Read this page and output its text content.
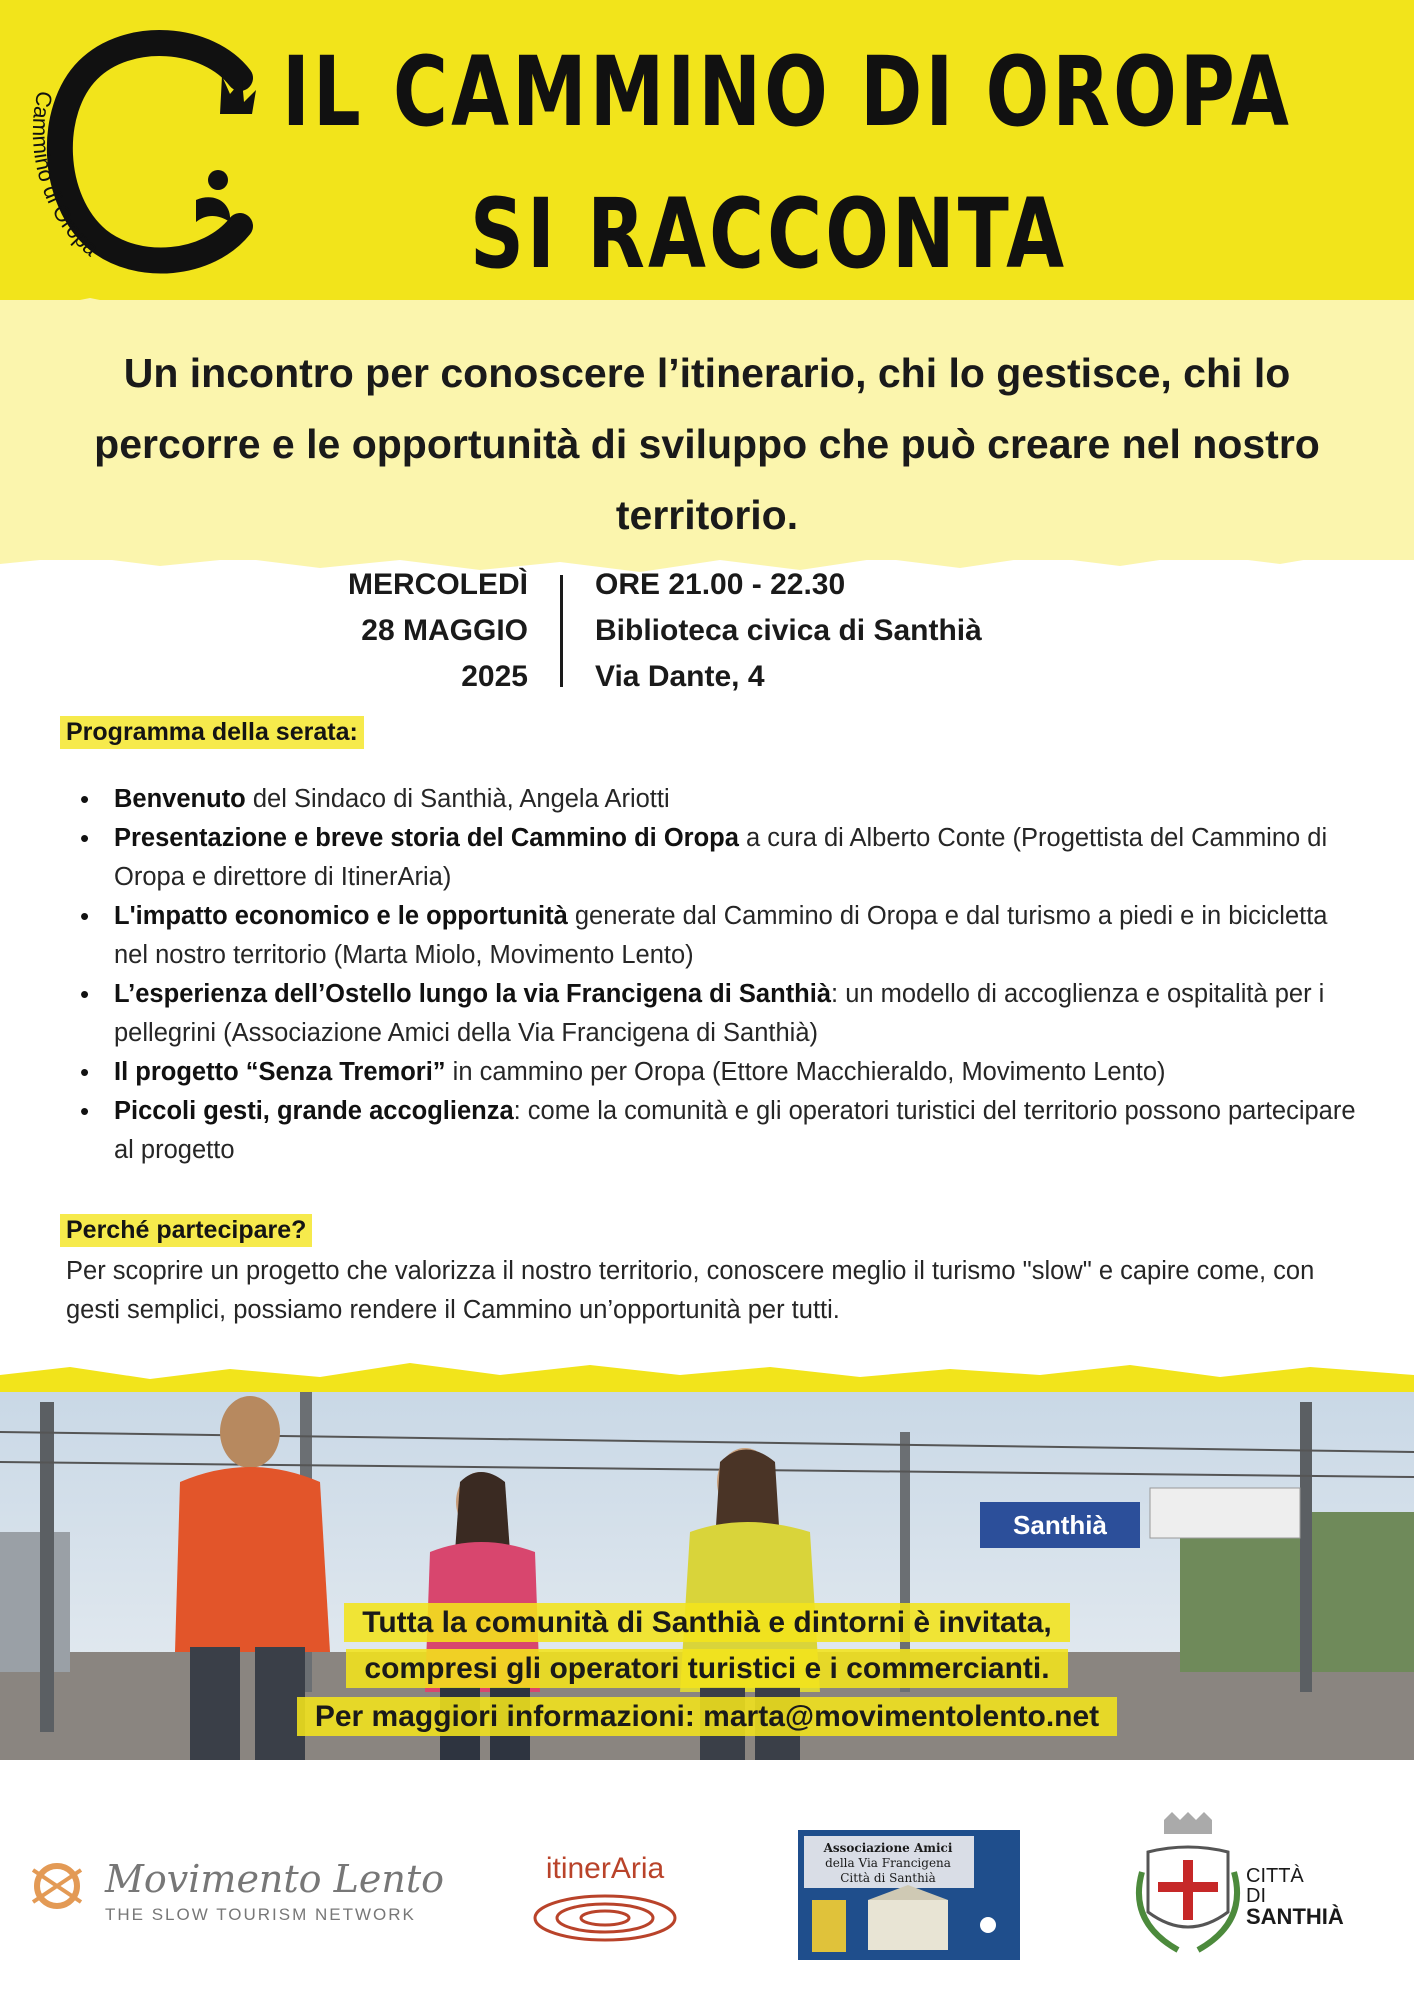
Cammino di Oropa
IL CAMMINO DI OROPA
SI RACCONTA
Un incontro per conoscere l’itinerario, chi lo gestisce, chi lo percorre e le opportunità di sviluppo che può creare nel nostro territorio.
MERCOLEDÌ
28 MAGGIO
2025
ORE 21.00 - 22.30
Biblioteca civica di Santhià
Via Dante, 4
Programma della serata:
• Benvenuto del Sindaco di Santhià, Angela Ariotti
• Presentazione e breve storia del Cammino di Oropa a cura di Alberto Conte (Progettista del Cammino di Oropa e direttore di ItinerAria)
• L'impatto economico e le opportunità generate dal Cammino di Oropa e dal turismo a piedi e in bicicletta nel nostro territorio (Marta Miolo, Movimento Lento)
• L’esperienza dell’Ostello lungo la via Francigena di Santhià: un modello di accoglienza e ospitalità per i pellegrini (Associazione Amici della Via Francigena di Santhià)
• Il progetto “Senza Tremori” in cammino per Oropa (Ettore Macchieraldo, Movimento Lento)
• Piccoli gesti, grande accoglienza: come la comunità e gli operatori turistici del territorio possono partecipare al progetto
Perché partecipare?
Per scoprire un progetto che valorizza il nostro territorio, conoscere meglio il turismo "slow" e capire come, con gesti semplici, possiamo rendere il Cammino un’opportunità per tutti.
Santhià
Tutta la comunità di Santhià e dintorni è invitata,
compresi gli operatori turistici e i commercianti.
Per maggiori informazioni: marta@movimentolento.net
Movimento Lento
THE SLOW TOURISM NETWORK
itinerAria
Associazione Amici
della Via Francigena
Città di Santhià	CITTÀ
DI
SANTHIÀ
